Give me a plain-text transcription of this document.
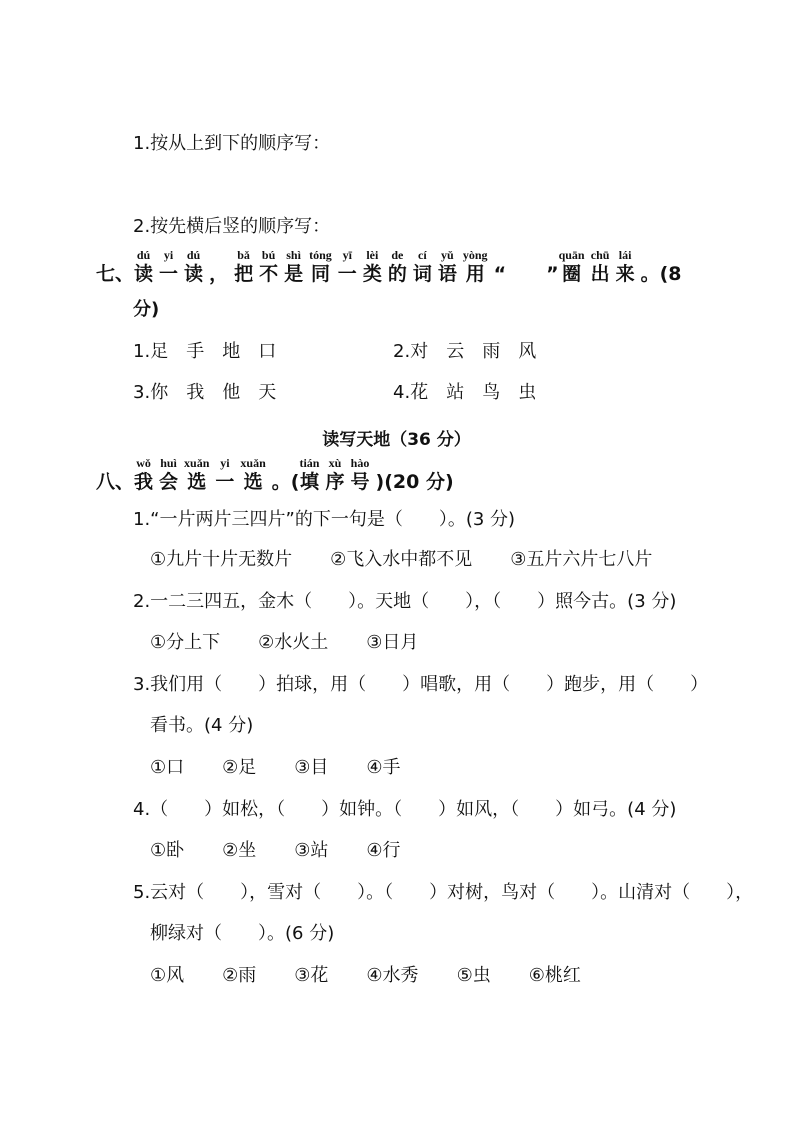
1.按从上到下的顺序写：
2.按先横后竖的顺序写：
七、
dú
读
yi
一
dú
读 ，
bǎ
把
bú
不
shì
是
tóng
同
yī
一
lèi
类
de
的
cí
词
yǔ
语
yòng
用 “ ”
quān
圈
chū
出
lái
来 。(8
分)
1.足 手 地 口	2.对 云 雨 风
3.你 我 他 天	4.花 站 鸟 虫
读写天地（36 分）
八、
wǒ
我
huì
会
xuǎn
选
yi
一
xuǎn
选 。(
tián
填
xù
序
hào
号 )(20 分)
1.“一片两片三四片”的下一句是（　　）。(3 分)
①九片十片无数片 ②飞入水中都不见 ③五片六片七八片
2.一二三四五，金木（　　）。天地（　　），（　　）照今古。(3 分)
①分上下 ②水火土 ③日月
3.我们用（　　）拍球，用（　　）唱歌，用（　　）跑步，用（　　）
看书。(4 分)
①口 ②足 ③目 ④手
4.（　　）如松，（　　）如钟。（　　）如风，（　　）如弓。(4 分)
①卧 ②坐 ③站 ④行
5.云对（　　），雪对（　　）。（　　）对树，鸟对（　　）。山清对（　　），
柳绿对（　　）。(6 分)
①风 ②雨 ③花 ④水秀 ⑤虫 ⑥桃红
